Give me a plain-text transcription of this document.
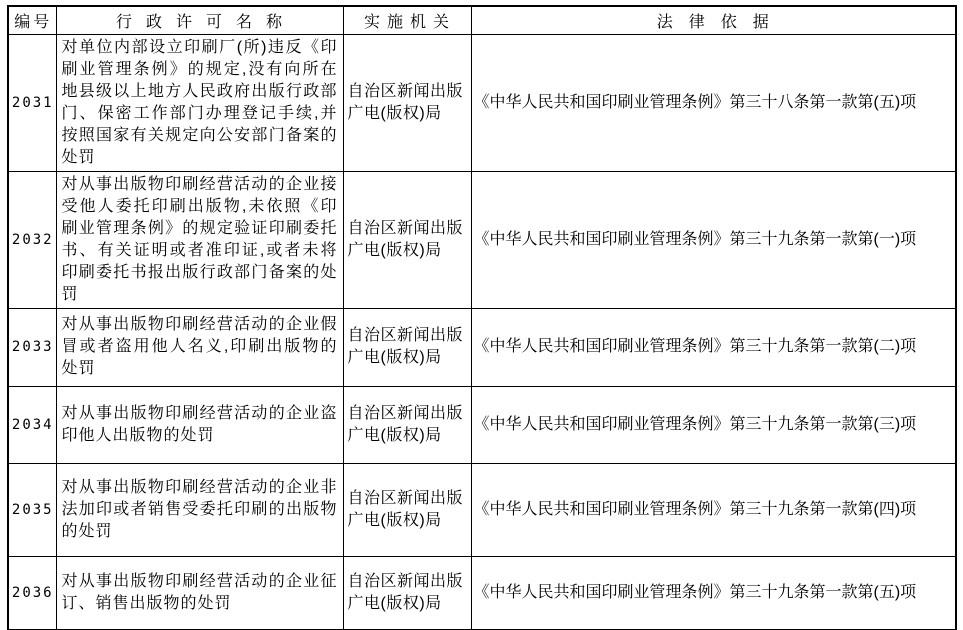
编号	行政许可名称	实施机关	法律依据
2031	对单位内部设立印刷厂(所)违反《印刷业管理条例》的规定,没有向所在地县级以上地方人民政府出版行政部门、保密工作部门办理登记手续,并按照国家有关规定向公安部门备案的处罚	自治区新闻出版广电(版权)局	《中华人民共和国印刷业管理条例》第三十八条第一款第(五)项
2032	对从事出版物印刷经营活动的企业接受他人委托印刷出版物,未依照《印刷业管理条例》的规定验证印刷委托书、有关证明或者准印证,或者未将印刷委托书报出版行政部门备案的处罚	自治区新闻出版广电(版权)局	《中华人民共和国印刷业管理条例》第三十九条第一款第(一)项
2033	对从事出版物印刷经营活动的企业假冒或者盗用他人名义,印刷出版物的处罚	自治区新闻出版广电(版权)局	《中华人民共和国印刷业管理条例》第三十九条第一款第(二)项
2034	对从事出版物印刷经营活动的企业盗印他人出版物的处罚	自治区新闻出版广电(版权)局	《中华人民共和国印刷业管理条例》第三十九条第一款第(三)项
2035	对从事出版物印刷经营活动的企业非法加印或者销售受委托印刷的出版物的处罚	自治区新闻出版广电(版权)局	《中华人民共和国印刷业管理条例》第三十九条第一款第(四)项
2036	对从事出版物印刷经营活动的企业征订、销售出版物的处罚	自治区新闻出版广电(版权)局	《中华人民共和国印刷业管理条例》第三十九条第一款第(五)项
